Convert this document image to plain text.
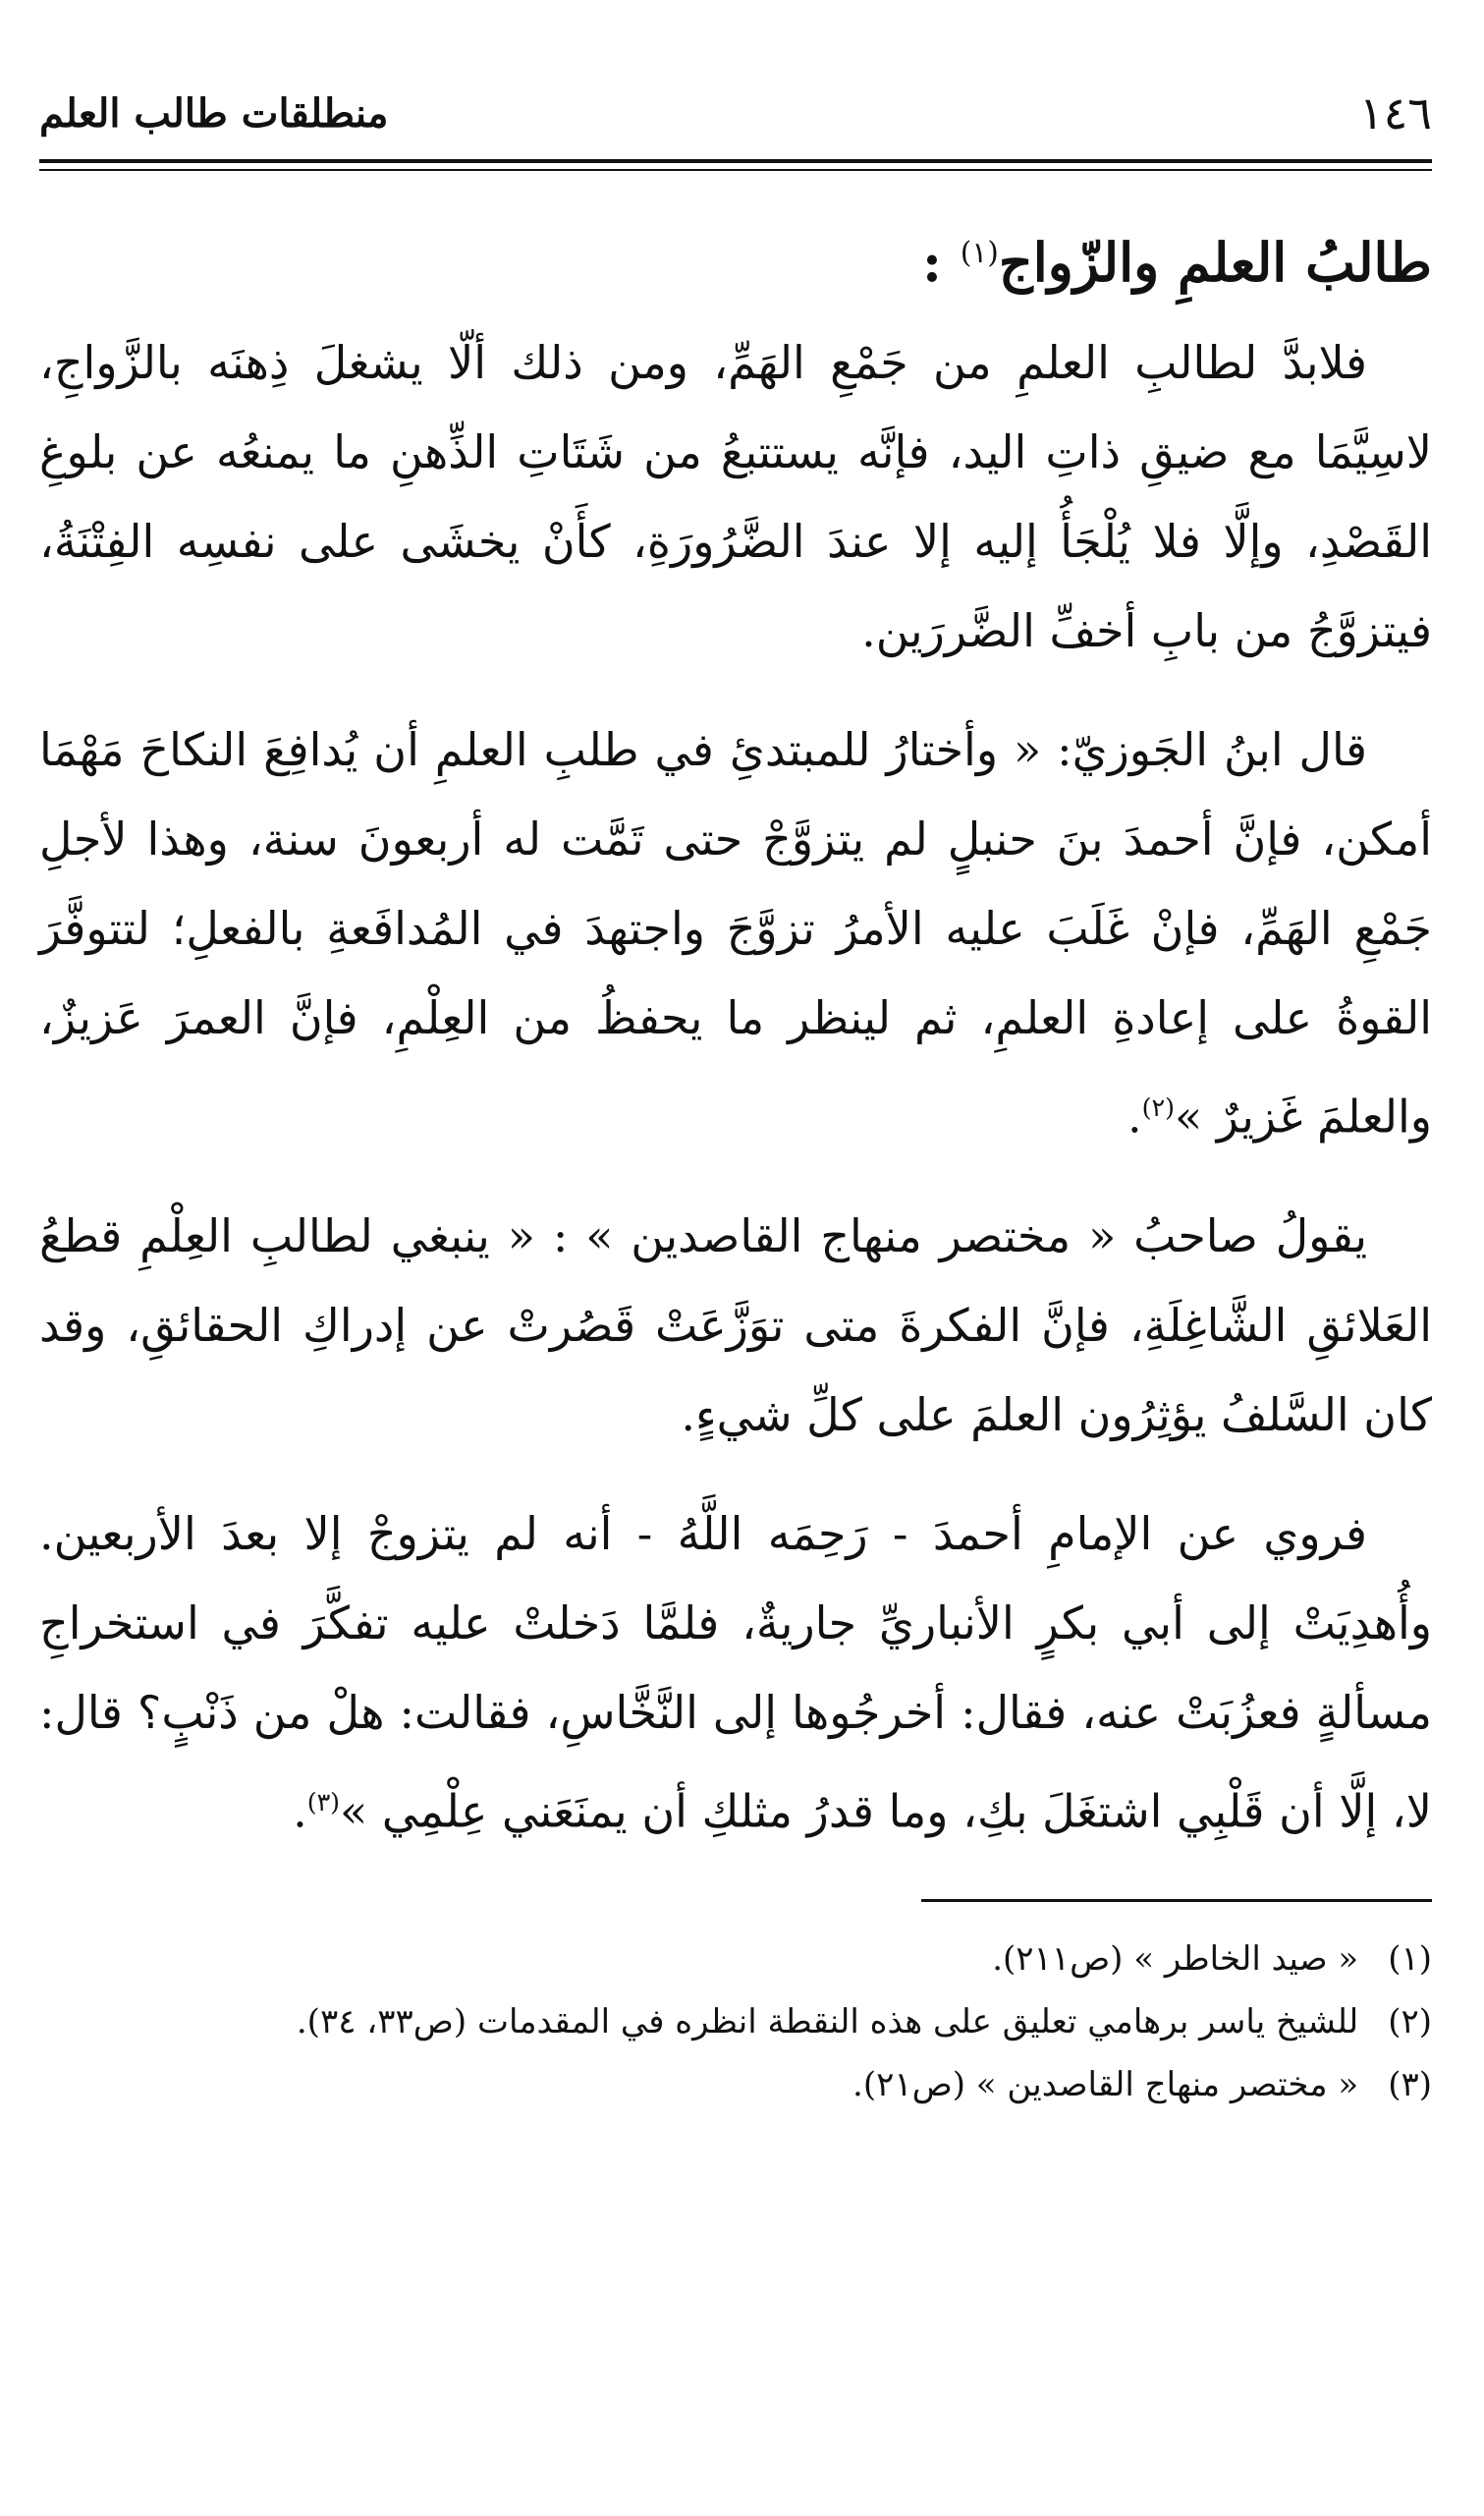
١٤٦
منطلقات طالب العلم
طالبُ العلمِ والزّواج$^{(١)}$ :

فلابدَّ لطالبِ العلمِ من جَمْعِ الهَمِّ، ومن ذلك ألّا يشغلَ ذِهنَه بالزَّواجِ، لاسِيَّمَا مع ضيقِ ذاتِ اليد، فإنَّه يستتبعُ من شَتَاتِ الذِّهنِ ما يمنعُه عن بلوغِ القَصْدِ، وإلَّا فلا يُلْجَأُ إليه إلا عندَ الضَّرُورَةِ، كأَنْ يخشَى على نفسِه الفِتْنَةُ، فيتزوَّجُ من بابِ أخفِّ الضَّررَين.

قال ابنُ الجَوزيّ: « وأختارُ للمبتدئِ في طلبِ العلمِ أن يُدافِعَ النكاحَ مَهْمَا أمكن، فإنَّ أحمدَ بنَ حنبلٍ لم يتزوَّجْ حتى تَمَّت له أربعونَ سنة، وهذا لأجلِ جَمْعِ الهَمِّ، فإنْ غَلَبَ عليه الأمرُ تزوَّجَ واجتهدَ في المُدافَعةِ بالفعلِ؛ لتتوفَّرَ القوةُ على إعادةِ العلمِ، ثم لينظر ما يحفظُ من العِلْمِ، فإنَّ العمرَ عَزيزٌ، والعلمَ غَزيرٌ »$^{(٢)}$.

يقولُ صاحبُ « مختصر منهاج القاصدين » : « ينبغي لطالبِ العِلْمِ قطعُ العَلائقِ الشَّاغِلَةِ، فإنَّ الفكرةَ متى توَزَّعَتْ قَصُرتْ عن إدراكِ الحقائقِ، وقد كان السَّلفُ يؤثِرُون العلمَ على كلِّ شيءٍ.

فروي عن الإمامِ أحمدَ - رَحِمَه اللَّهُ - أنه لم يتزوجْ إلا بعدَ الأربعين. وأُهدِيَتْ إلى أبي بكرٍ الأنباريِّ جاريةٌ، فلمَّا دَخلتْ عليه تفكَّرَ في استخراجِ مسألةٍ فعزُبَتْ عنه، فقال: أخرجُوها إلى النَّخَّاسِ، فقالت: هلْ من ذَنْبٍ؟ قال: لا، إلَّا أن قَلْبِي اشتغَلَ بكِ، وما قدرُ مثلكِ أن يمنَعَني عِلْمِي »$^{(٣)}$.

(١) « صيد الخاطر » (ص٢١١).
(٢) للشيخ ياسر برهامي تعليق على هذه النقطة انظره في المقدمات (ص٣٣، ٣٤).
(٣) « مختصر منهاج القاصدين » (ص٢١).
